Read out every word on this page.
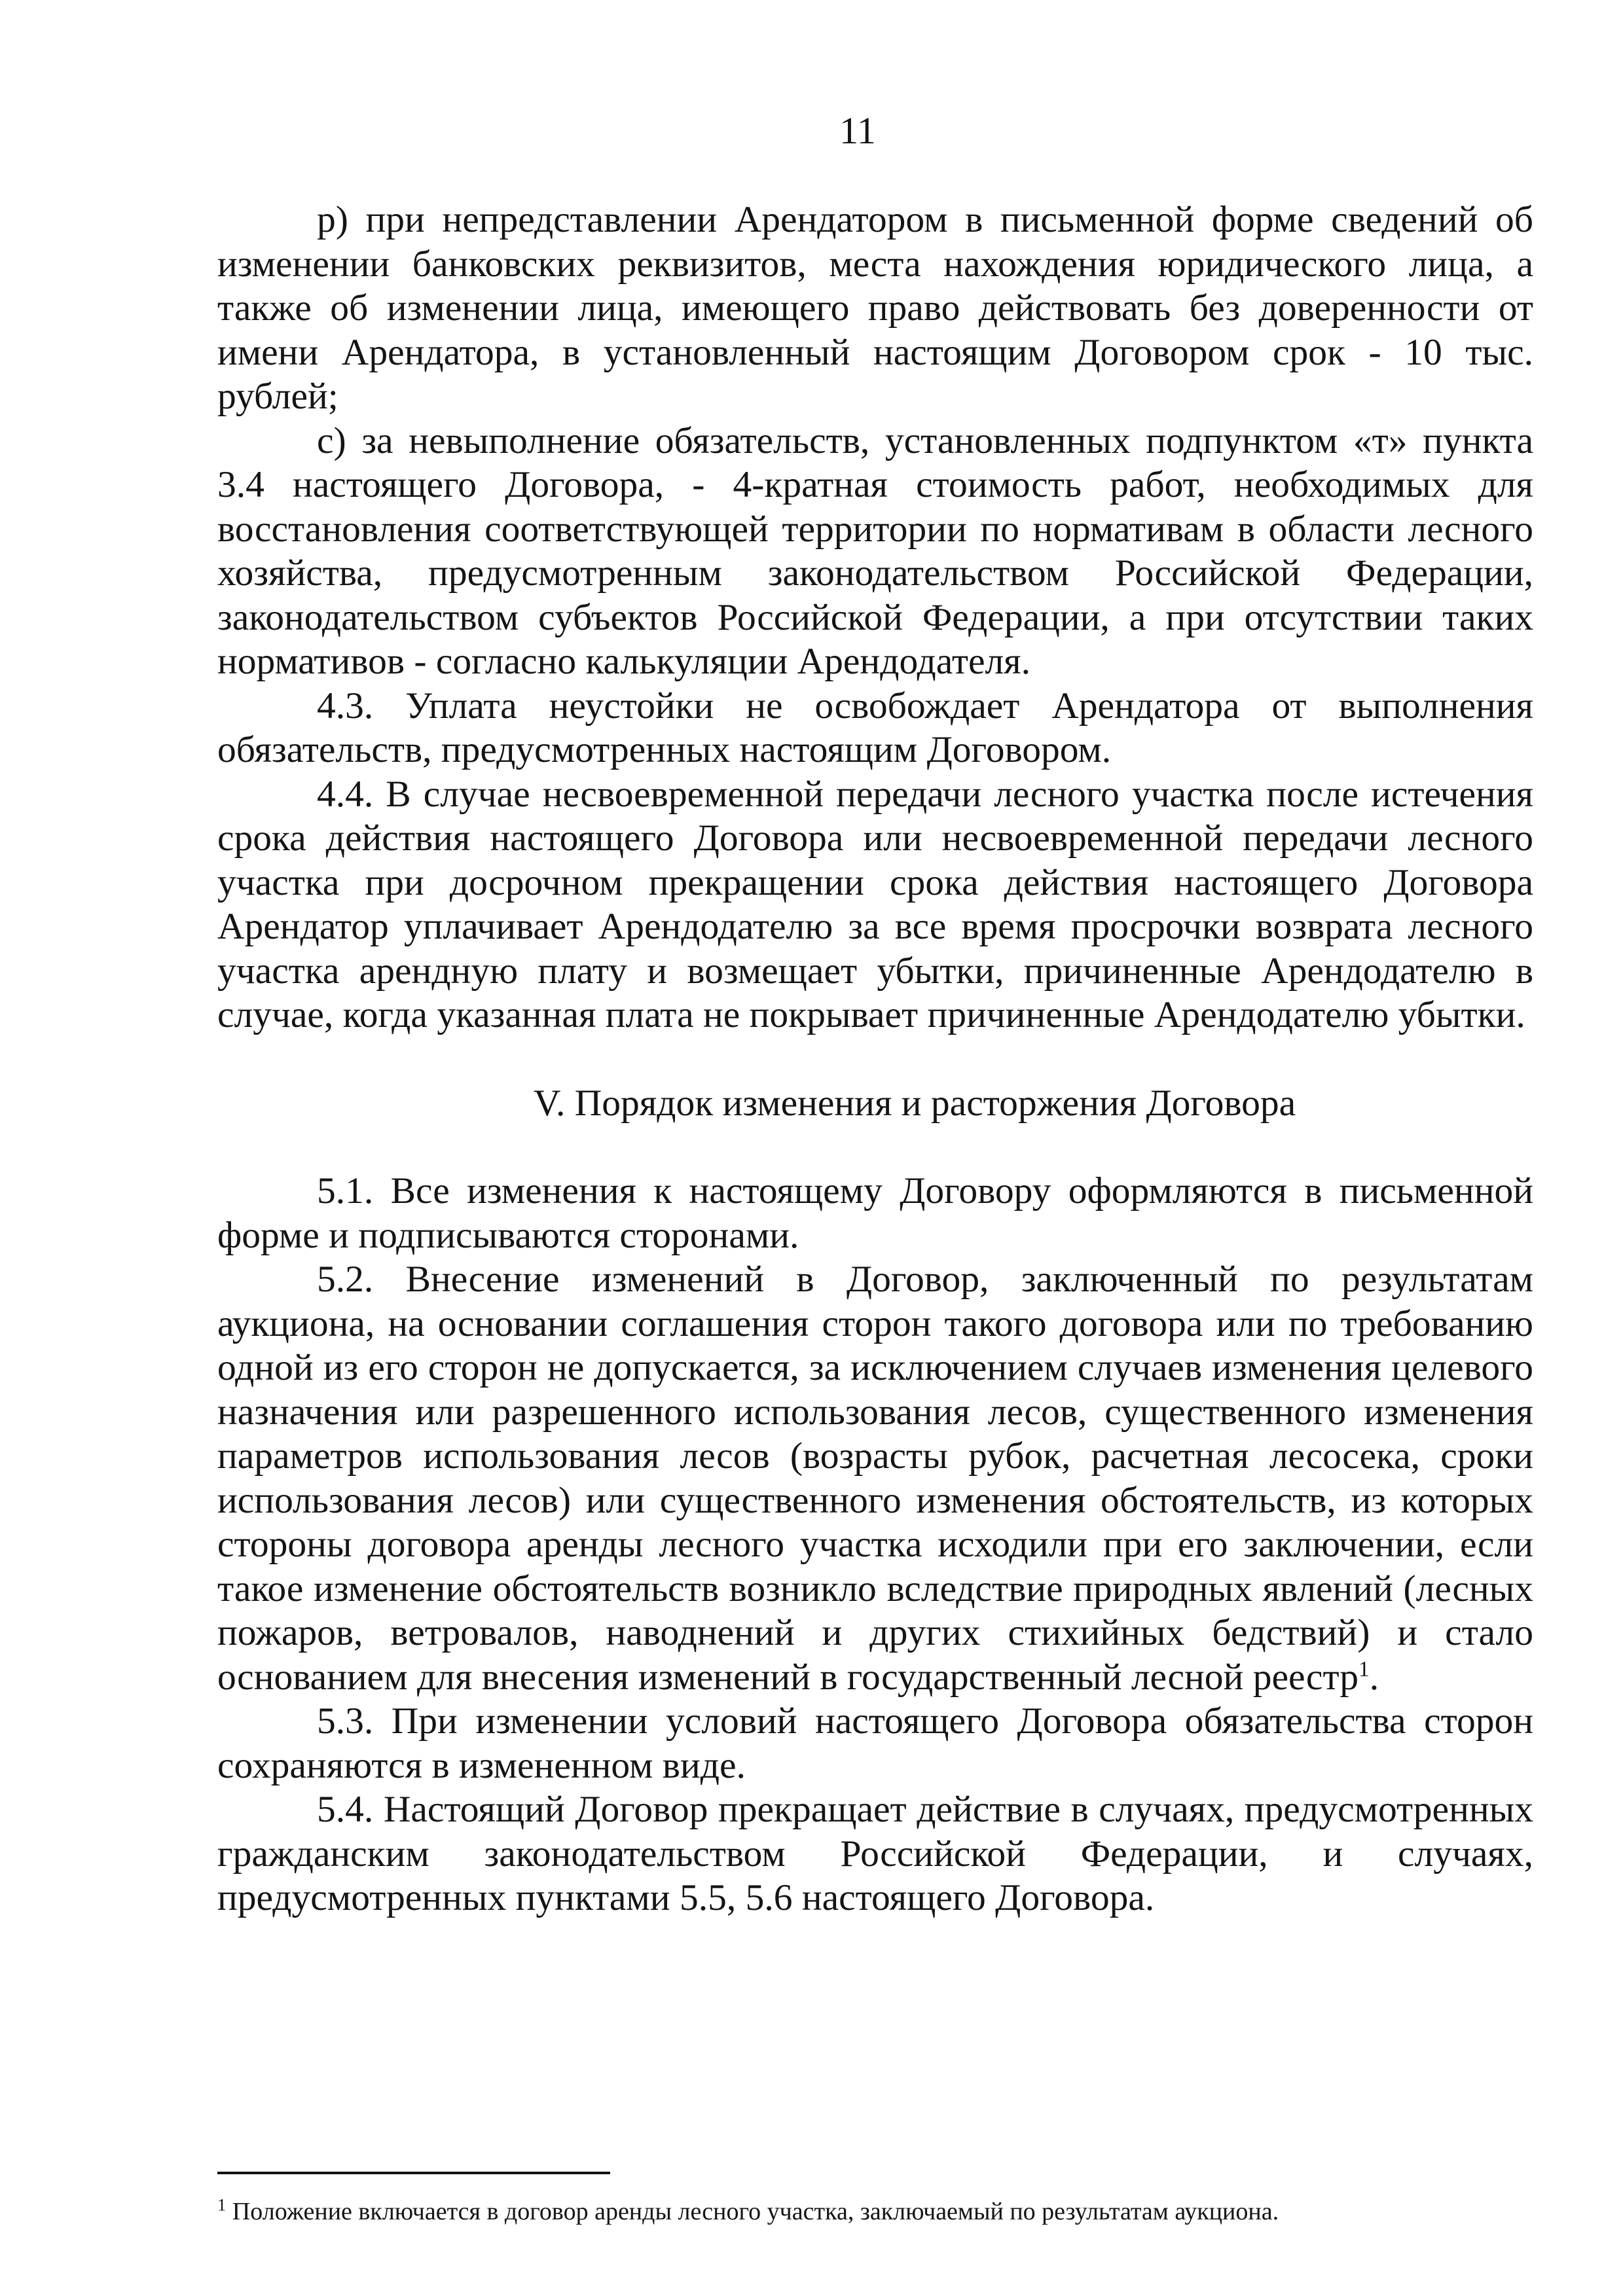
11

р) при непредставлении Арендатором в письменной форме сведений об изменении банковских реквизитов, места нахождения юридического лица, а также об изменении лица, имеющего право действовать без доверенности от имени Арендатора, в установленный настоящим Договором срок - 10 тыс. рублей;

с) за невыполнение обязательств, установленных подпунктом «т» пункта 3.4 настоящего Договора, - 4-кратная стоимость работ, необходимых для восстановления соответствующей территории по нормативам в области лесного хозяйства, предусмотренным законодательством Российской Федерации, законодательством субъектов Российской Федерации, а при отсутствии таких нормативов - согласно калькуляции Арендодателя.

4.3. Уплата неустойки не освобождает Арендатора от выполнения обязательств, предусмотренных настоящим Договором.

4.4. В случае несвоевременной передачи лесного участка после истечения срока действия настоящего Договора или несвоевременной передачи лесного участка при досрочном прекращении срока действия настоящего Договора Арендатор уплачивает Арендодателю за все время просрочки возврата лесного участка арендную плату и возмещает убытки, причиненные Арендодателю в случае, когда указанная плата не покрывает причиненные Арендодателю убытки.

V. Порядок изменения и расторжения Договора

5.1. Все изменения к настоящему Договору оформляются в письменной форме и подписываются сторонами.

5.2. Внесение изменений в Договор, заключенный по результатам аукциона, на основании соглашения сторон такого договора или по требованию одной из его сторон не допускается, за исключением случаев изменения целевого назначения или разрешенного использования лесов, существенного изменения параметров использования лесов (возрасты рубок, расчетная лесосека, сроки использования лесов) или существенного изменения обстоятельств, из которых стороны договора аренды лесного участка исходили при его заключении, если такое изменение обстоятельств возникло вследствие природных явлений (лесных пожаров, ветровалов, наводнений и других стихийных бедствий) и стало основанием для внесения изменений в государственный лесной реестр$^1$.

5.3. При изменении условий настоящего Договора обязательства сторон сохраняются в измененном виде.

5.4. Настоящий Договор прекращает действие в случаях, предусмотренных гражданским законодательством Российской Федерации, и случаях, предусмотренных пунктами 5.5, 5.6 настоящего Договора.

$^1$ Положение включается в договор аренды лесного участка, заключаемый по результатам аукциона.
